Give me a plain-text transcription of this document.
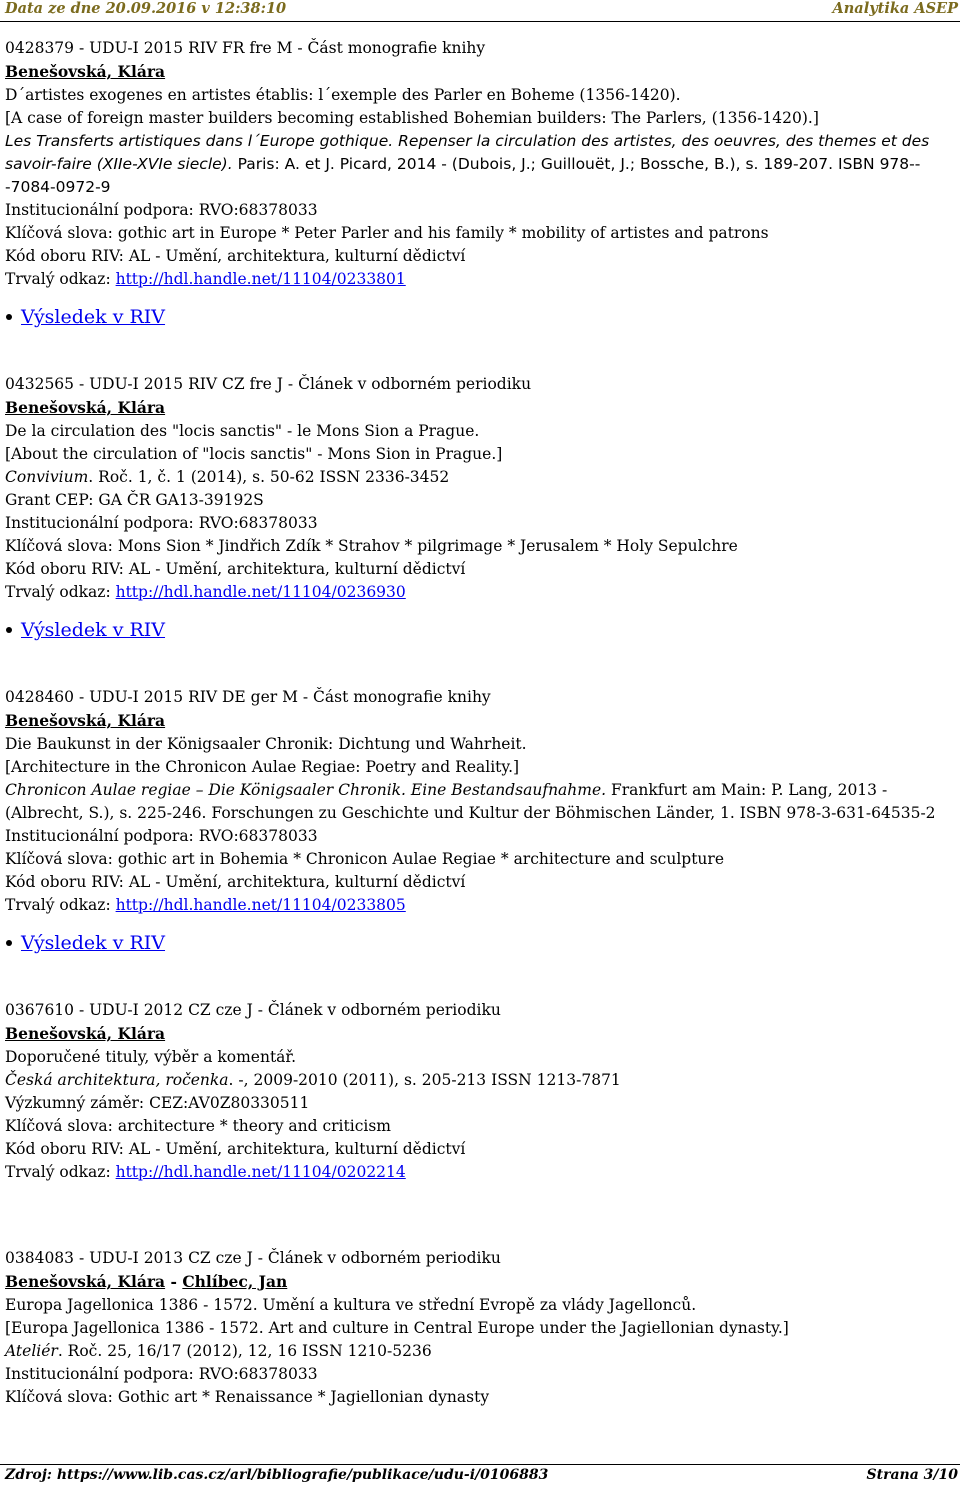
Data ze dne 20.09.2016 v 12:38:10	Analytika ASEP
0428379 - UDU-I 2015 RIV FR fre M - Část monografie knihy
Benešovská, Klára
D´artistes exogenes en artistes établis: l´exemple des Parler en Boheme (1356-1420).
[A case of foreign master builders becoming established Bohemian builders: The Parlers, (1356-1420).]
Les Transferts artistiques dans l´Europe gothique. Repenser la circulation des artistes, des oeuvres, des themes et des savoir-faire (XIIe-XVIe siecle). Paris: A. et J. Picard, 2014 - (Dubois, J.; Guillouët, J.; Bossche, B.), s. 189-207. ISBN 978--
-7084-0972-9
Institucionální podpora: RVO:68378033
Klíčová slova: gothic art in Europe * Peter Parler and his family * mobility of artistes and patrons
Kód oboru RIV: AL - Umění, architektura, kulturní dědictví
Trvalý odkaz: http://hdl.handle.net/11104/0233801
Výsledek v RIV
0432565 - UDU-I 2015 RIV CZ fre J - Článek v odborném periodiku
Benešovská, Klára
De la circulation des "locis sanctis" - le Mons Sion a Prague.
[About the circulation of "locis sanctis" - Mons Sion in Prague.]
Convivium. Roč. 1, č. 1 (2014), s. 50-62 ISSN 2336-3452
Grant CEP: GA ČR GA13-39192S
Institucionální podpora: RVO:68378033
Klíčová slova: Mons Sion * Jindřich Zdík * Strahov * pilgrimage * Jerusalem * Holy Sepulchre
Kód oboru RIV: AL - Umění, architektura, kulturní dědictví
Trvalý odkaz: http://hdl.handle.net/11104/0236930
Výsledek v RIV
0428460 - UDU-I 2015 RIV DE ger M - Část monografie knihy
Benešovská, Klára
Die Baukunst in der Königsaaler Chronik: Dichtung und Wahrheit.
[Architecture in the Chronicon Aulae Regiae: Poetry and Reality.]
Chronicon Aulae regiae – Die Königsaaler Chronik. Eine Bestandsaufnahme. Frankfurt am Main: P. Lang, 2013 - (Albrecht, S.), s. 225-246. Forschungen zu Geschichte und Kultur der Böhmischen Länder, 1. ISBN 978-3-631-64535-2
Institucionální podpora: RVO:68378033
Klíčová slova: gothic art in Bohemia * Chronicon Aulae Regiae * architecture and sculpture
Kód oboru RIV: AL - Umění, architektura, kulturní dědictví
Trvalý odkaz: http://hdl.handle.net/11104/0233805
Výsledek v RIV
0367610 - UDU-I 2012 CZ cze J - Článek v odborném periodiku
Benešovská, Klára
Doporučené tituly, výběr a komentář.
Česká architektura, ročenka. -, 2009-2010 (2011), s. 205-213 ISSN 1213-7871
Výzkumný záměr: CEZ:AV0Z80330511
Klíčová slova: architecture * theory and criticism
Kód oboru RIV: AL - Umění, architektura, kulturní dědictví
Trvalý odkaz: http://hdl.handle.net/11104/0202214
0384083 - UDU-I 2013 CZ cze J - Článek v odborném periodiku
Benešovská, Klára - Chlíbec, Jan
Europa Jagellonica 1386 - 1572. Umění a kultura ve střední Evropě za vlády Jagellonců.
[Europa Jagellonica 1386 - 1572. Art and culture in Central Europe under the Jagiellonian dynasty.]
Ateliér. Roč. 25, 16/17 (2012), 12, 16 ISSN 1210-5236
Institucionální podpora: RVO:68378033
Klíčová slova: Gothic art * Renaissance * Jagiellonian dynasty
Zdroj: https://www.lib.cas.cz/arl/bibliografie/publikace/udu-i/0106883	Strana 3/10
